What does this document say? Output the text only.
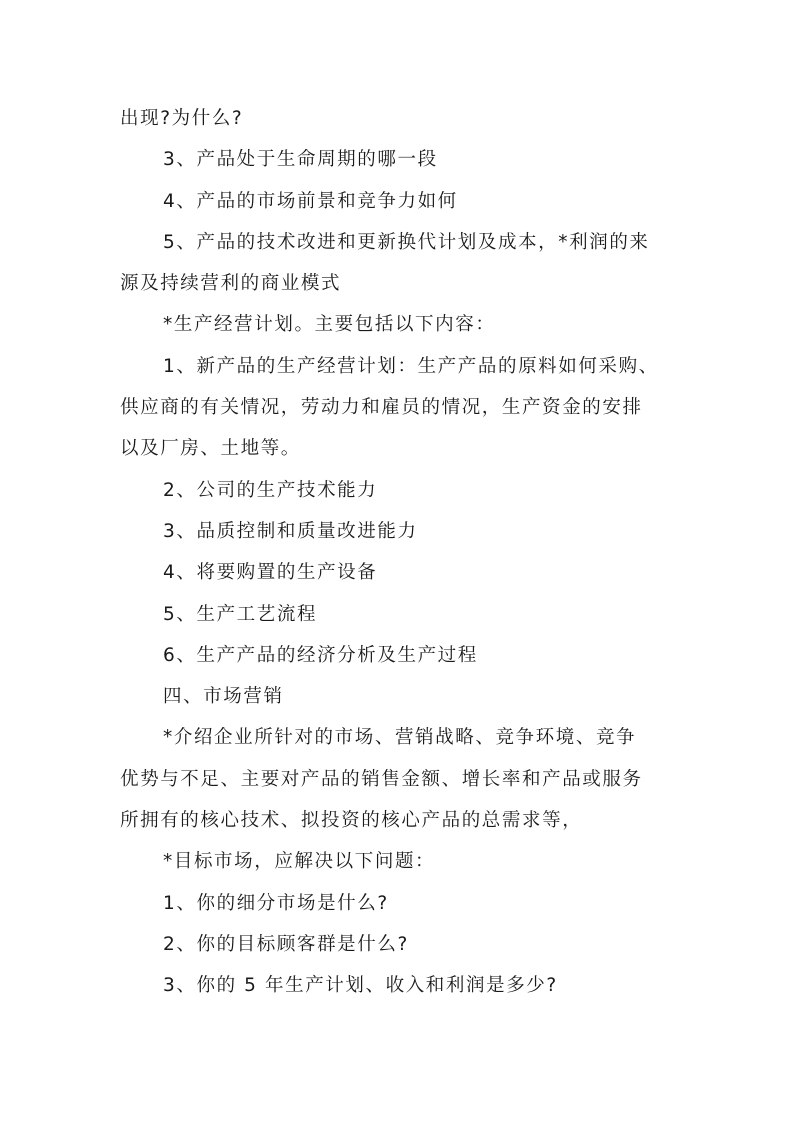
出现?为什么?
3、产品处于生命周期的哪一段
4、产品的市场前景和竞争力如何
5、产品的技术改进和更新换代计划及成本，*利润的来
源及持续营利的商业模式
*生产经营计划。主要包括以下内容：
1、新产品的生产经营计划：生产产品的原料如何采购、
供应商的有关情况，劳动力和雇员的情况，生产资金的安排
以及厂房、土地等。
2、公司的生产技术能力
3、品质控制和质量改进能力
4、将要购置的生产设备
5、生产工艺流程
6、生产产品的经济分析及生产过程
四、市场营销
*介绍企业所针对的市场、营销战略、竞争环境、竞争
优势与不足、主要对产品的销售金额、增长率和产品或服务
所拥有的核心技术、拟投资的核心产品的总需求等，
*目标市场，应解决以下问题：
1、你的细分市场是什么?
2、你的目标顾客群是什么?
3、你的 5 年生产计划、收入和利润是多少?
